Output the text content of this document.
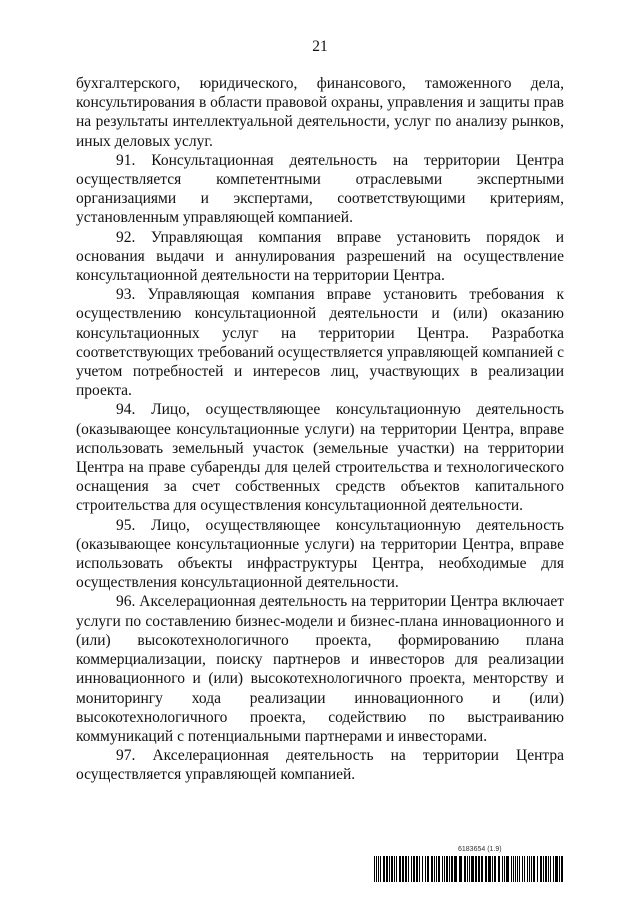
21

бухгалтерского, юридического, финансового, таможенного дела, консультирования в области правовой охраны, управления и защиты прав на результаты интеллектуальной деятельности, услуг по анализу рынков, иных деловых услуг.

91. Консультационная деятельность на территории Центра осуществляется компетентными отраслевыми экспертными организациями и экспертами, соответствующими критериям, установленным управляющей компанией.

92. Управляющая компания вправе установить порядок и основания выдачи и аннулирования разрешений на осуществление консультационной деятельности на территории Центра.

93. Управляющая компания вправе установить требования к осуществлению консультационной деятельности и (или) оказанию консультационных услуг на территории Центра. Разработка соответствующих требований осуществляется управляющей компанией с учетом потребностей и интересов лиц, участвующих в реализации проекта.

94. Лицо, осуществляющее консультационную деятельность (оказывающее консультационные услуги) на территории Центра, вправе использовать земельный участок (земельные участки) на территории Центра на праве субаренды для целей строительства и технологического оснащения за счет собственных средств объектов капитального строительства для осуществления консультационной деятельности.

95. Лицо, осуществляющее консультационную деятельность (оказывающее консультационные услуги) на территории Центра, вправе использовать объекты инфраструктуры Центра, необходимые для осуществления консультационной деятельности.

96. Акселерационная деятельность на территории Центра включает услуги по составлению бизнес-модели и бизнес-плана инновационного и (или) высокотехнологичного проекта, формированию плана коммерциализации, поиску партнеров и инвесторов для реализации инновационного и (или) высокотехнологичного проекта, менторству и мониторингу хода реализации инновационного и (или) высокотехнологичного проекта, содействию по выстраиванию коммуникаций с потенциальными партнерами и инвесторами.

97. Акселерационная деятельность на территории Центра осуществляется управляющей компанией.

6183654 (1.9)
